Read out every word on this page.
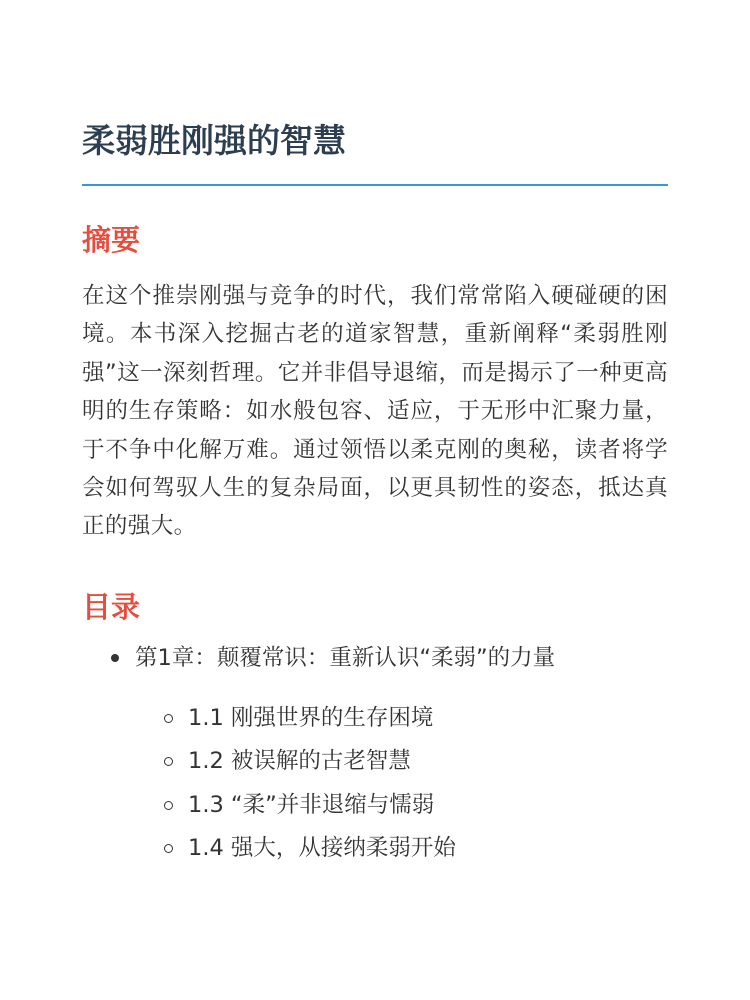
柔弱胜刚强的智慧
摘要

在这个推崇刚强与竞争的时代，我们常常陷入硬碰硬的困境。本书深入挖掘古老的道家智慧，重新阐释“柔弱胜刚强”这一深刻哲理。它并非倡导退缩，而是揭示了一种更高明的生存策略：如水般包容、适应，于无形中汇聚力量，于不争中化解万难。通过领悟以柔克刚的奥秘，读者将学会如何驾驭人生的复杂局面，以更具韧性的姿态，抵达真正的强大。

目录
第1章：颠覆常识：重新认识“柔弱”的力量
1.1 刚强世界的生存困境
1.2 被误解的古老智慧
1.3 “柔”并非退缩与懦弱
1.4 强大，从接纳柔弱开始
